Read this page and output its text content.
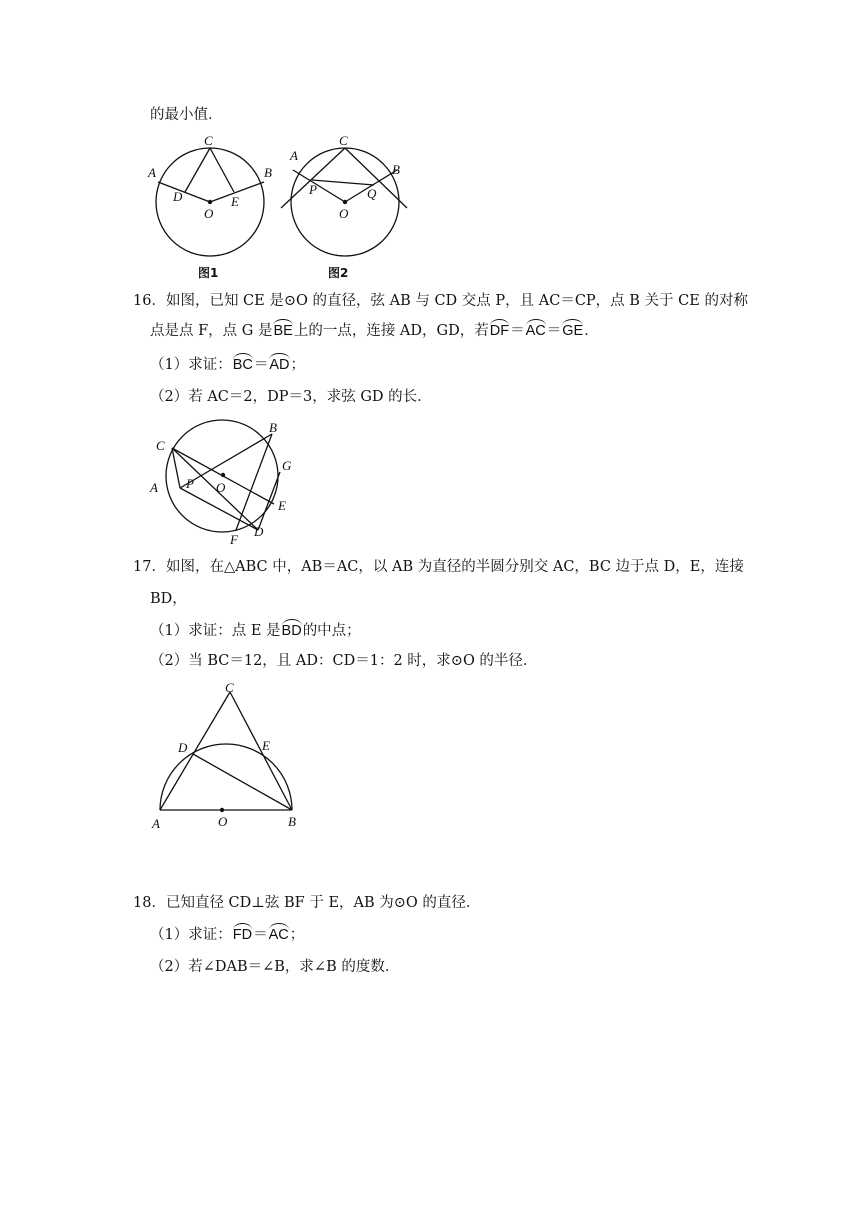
的最小值．
C
A	B
D
O
E
图1
C
A
B
P
O
Q
图2
16．如图，已知 CE 是⊙O 的直径，弦 AB 与 CD 交点 P，且 AC＝CP，点 B 关于 CE 的对称
点是点 F，点 G 是BE上的一点，连接 AD，GD，若DF＝AC＝GE．
（1）求证：BC＝AD；
（2）若 AC＝2，DP＝3，求弦 GD 的长．
C
B
G
A P O
E
D
F
17．如图，在△ABC 中，AB＝AC，以 AB 为直径的半圆分别交 AC，BC 边于点 D，E，连接
BD，
（1）求证：点 E 是BD的中点；
（2）当 BC＝12，且 AD：CD＝1：2 时，求⊙O 的半径．
C
D	E
A	O	B
18．已知直径 CD⊥弦 BF 于 E，AB 为⊙O 的直径．
（1）求证：FD＝AC；
（2）若∠DAB＝∠B，求∠B 的度数．
